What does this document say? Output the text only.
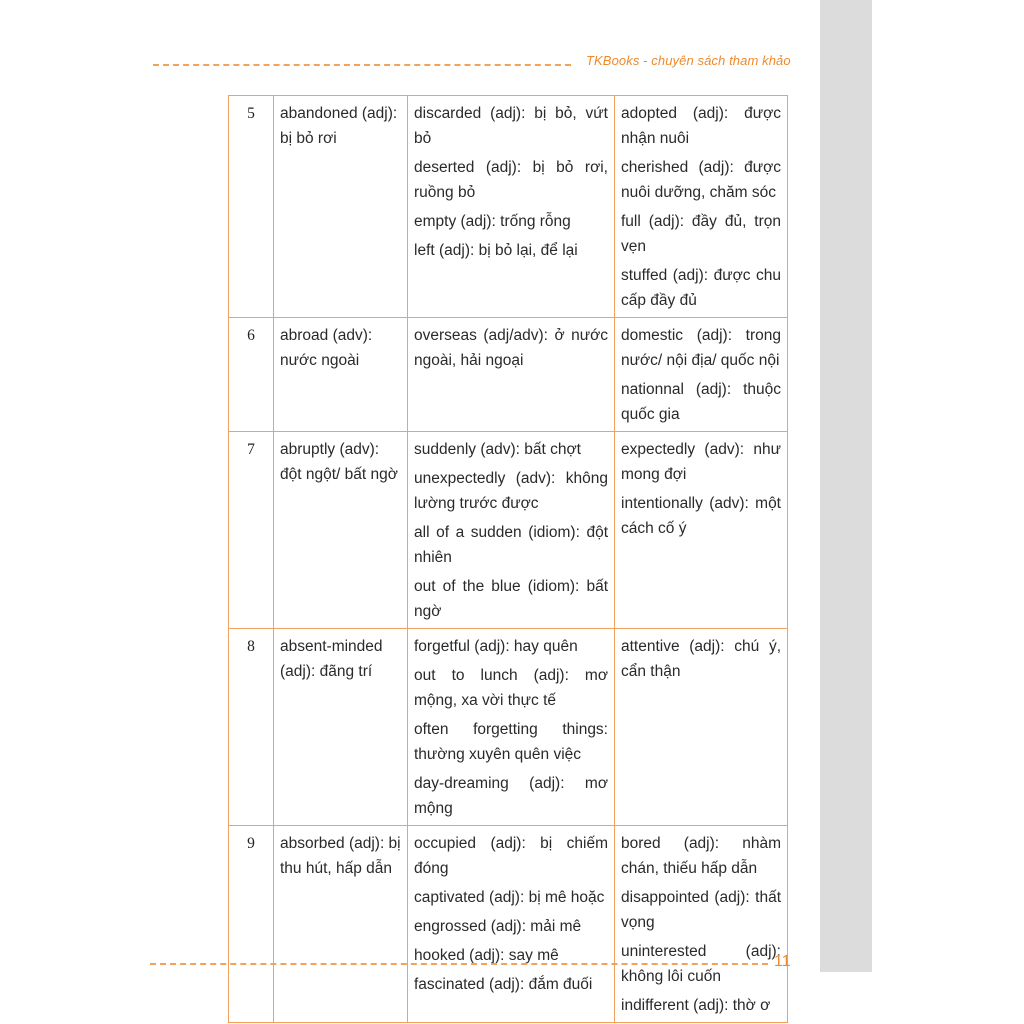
TKBooks - chuyên sách tham khảo
5	abandoned (adj): bị bỏ rơi	discarded (adj): bị bỏ, vứt bỏ
deserted (adj): bị bỏ rơi, ruồng bỏ
empty (adj): trống rỗng
left (adj): bị bỏ lại, để lại	adopted (adj): được nhận nuôi
cherished (adj): được nuôi dưỡng, chăm sóc
full (adj): đầy đủ, trọn vẹn
stuffed (adj): được chu cấp đầy đủ

6	abroad (adv): nước ngoài	overseas (adj/adv): ở nước ngoài, hải ngoại	domestic (adj): trong nước/ nội địa/ quốc nội
nationnal (adj): thuộc quốc gia

7	abruptly (adv): đột ngột/ bất ngờ	suddenly (adv): bất chợt
unexpectedly (adv): không lường trước được
all of a sudden (idiom): đột nhiên
out of the blue (idiom): bất ngờ	expectedly (adv): như mong đợi
intentionally (adv): một cách cố ý

8	absent-minded (adj): đãng trí	forgetful (adj): hay quên
out to lunch (adj): mơ mộng, xa vời thực tế
often forgetting things: thường xuyên quên việc
day-dreaming (adj): mơ mộng	attentive (adj): chú ý, cẩn thận

9	absorbed (adj): bị thu hút, hấp dẫn	occupied (adj): bị chiếm đóng
captivated (adj): bị mê hoặc
engrossed (adj): mải mê
hooked (adj): say mê
fascinated (adj): đắm đuối	bored (adj): nhàm chán, thiếu hấp dẫn
disappointed (adj): thất vọng
uninterested (adj): không lôi cuốn
indifferent (adj): thờ ơ
11
